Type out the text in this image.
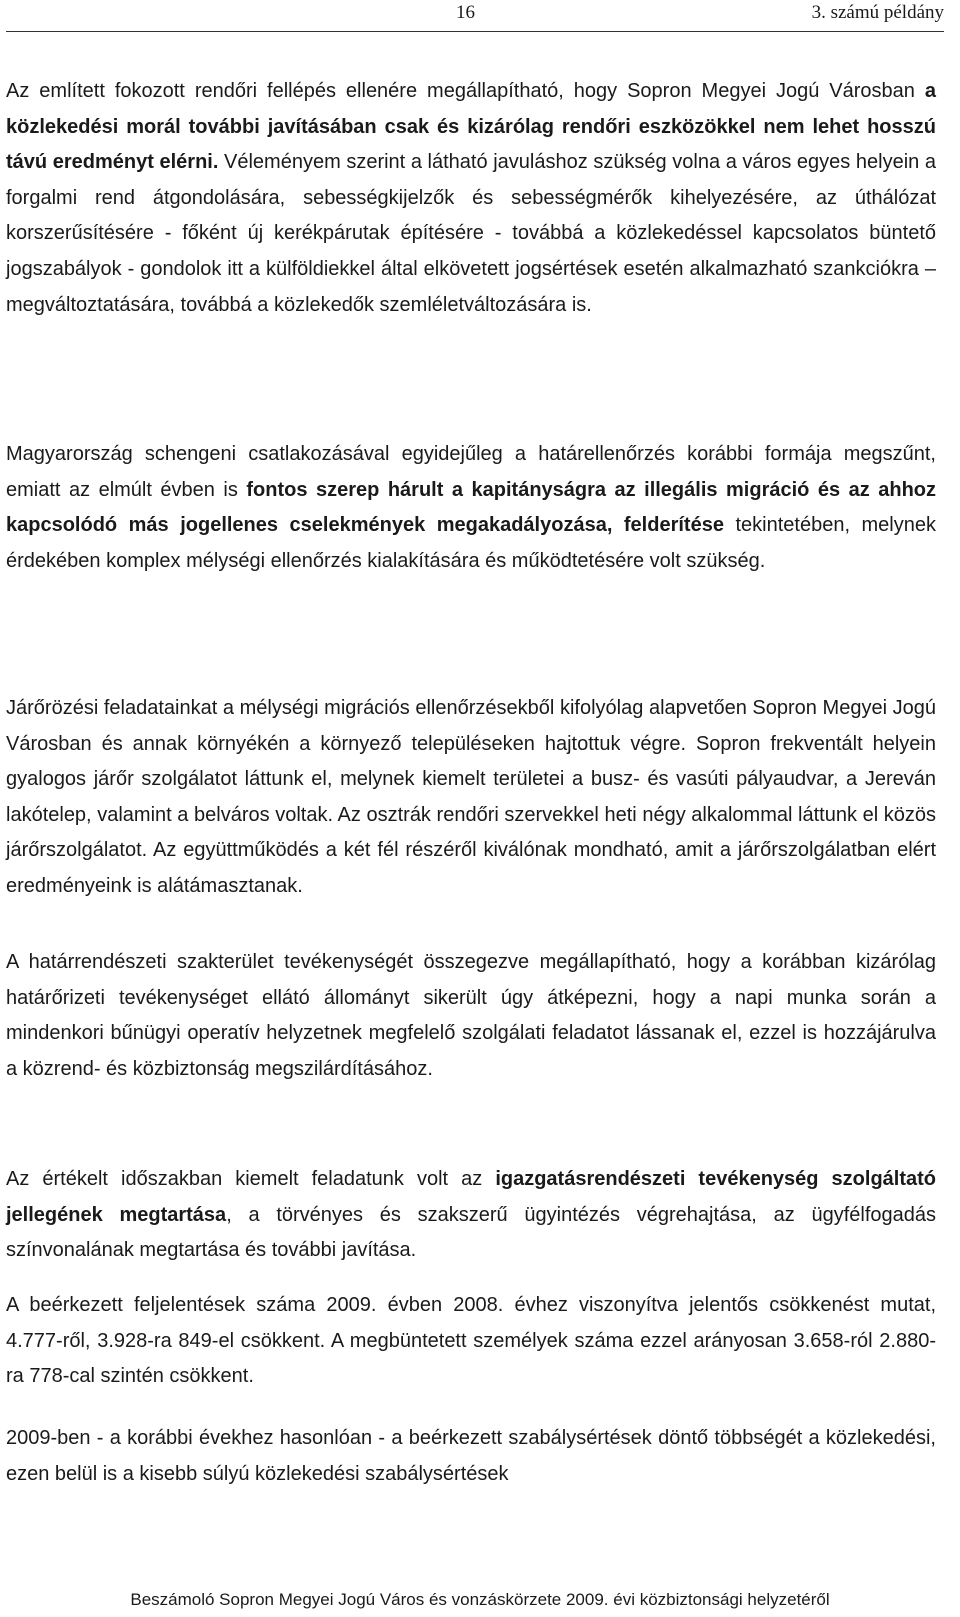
16	3. számú példány

Az említett fokozott rendőri fellépés ellenére megállapítható, hogy Sopron Megyei Jogú Városban a közlekedési morál további javításában csak és kizárólag rendőri eszközökkel nem lehet hosszú távú eredményt elérni. Véleményem szerint a látható javuláshoz szükség volna a város egyes helyein a forgalmi rend átgondolására, sebességkijelzők és sebességmérők kihelyezésére, az úthálózat korszerűsítésére - főként új kerékpárutak építésére - továbbá a közlekedéssel kapcsolatos büntető jogszabályok - gondolok itt a külföldiekkel által elkövetett jogsértések esetén alkalmazható szankciókra – megváltoztatására, továbbá a közlekedők szemléletváltozására is.

Magyarország schengeni csatlakozásával egyidejűleg a határellenőrzés korábbi formája megszűnt, emiatt az elmúlt évben is fontos szerep hárult a kapitányságra az illegális migráció és az ahhoz kapcsolódó más jogellenes cselekmények megakadályozása, felderítése tekintetében, melynek érdekében komplex mélységi ellenőrzés kialakítására és működtetésére volt szükség.

Járőrözési feladatainkat a mélységi migrációs ellenőrzésekből kifolyólag alapvetően Sopron Megyei Jogú Városban és annak környékén a környező településeken hajtottuk végre. Sopron frekventált helyein gyalogos járőr szolgálatot láttunk el, melynek kiemelt területei a busz- és vasúti pályaudvar, a Jereván lakótelep, valamint a belváros voltak. Az osztrák rendőri szervekkel heti négy alkalommal láttunk el közös járőrszolgálatot. Az együttműködés a két fél részéről kiválónak mondható, amit a járőrszolgálatban elért eredményeink is alátámasztanak.

A határrendészeti szakterület tevékenységét összegezve megállapítható, hogy a korábban kizárólag határőrizeti tevékenységet ellátó állományt sikerült úgy átképezni, hogy a napi munka során a mindenkori bűnügyi operatív helyzetnek megfelelő szolgálati feladatot lássanak el, ezzel is hozzájárulva a közrend- és közbiztonság megszilárdításához.

Az értékelt időszakban kiemelt feladatunk volt az igazgatásrendészeti tevékenység szolgáltató jellegének megtartása, a törvényes és szakszerű ügyintézés végrehajtása, az ügyfélfogadás színvonalának megtartása és további javítása.

A beérkezett feljelentések száma 2009. évben 2008. évhez viszonyítva jelentős csökkenést mutat, 4.777-ről, 3.928-ra 849-el csökkent. A megbüntetett személyek száma ezzel arányosan 3.658-ról 2.880-ra 778-cal szintén csökkent.

2009-ben - a korábbi évekhez hasonlóan - a beérkezett szabálysértések döntő többségét a közlekedési, ezen belül is a kisebb súlyú közlekedési szabálysértések

Beszámoló Sopron Megyei Jogú Város és vonzáskörzete 2009. évi közbiztonsági helyzetéről
